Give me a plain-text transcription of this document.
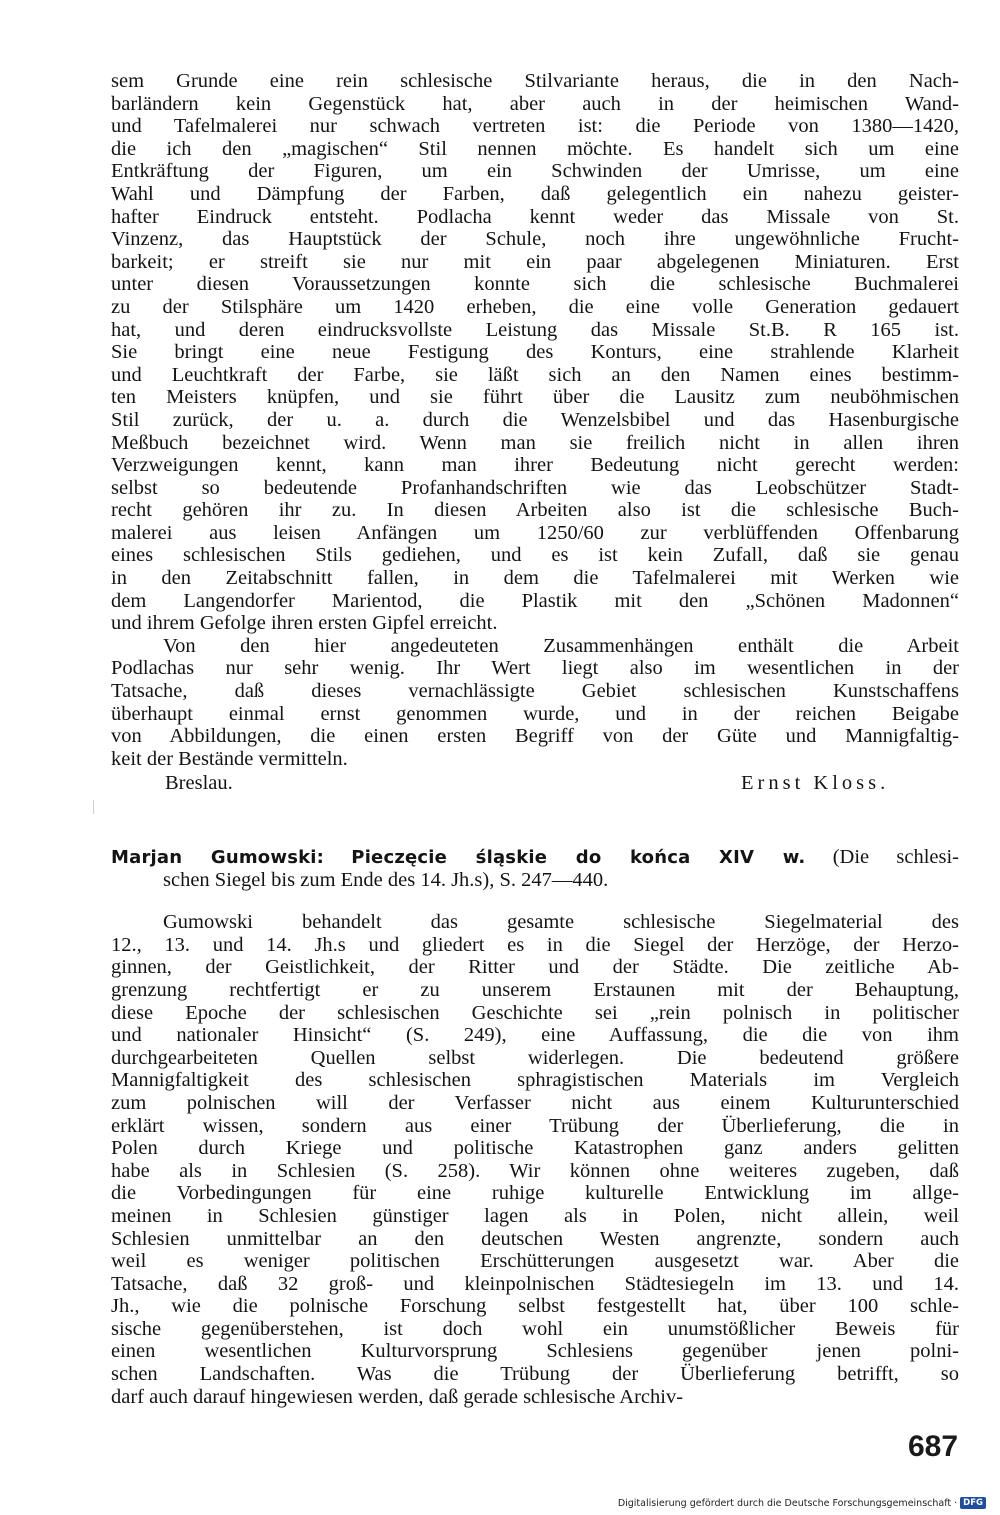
sem Grunde eine rein schlesische Stilvariante heraus, die in den Nach-
barländern kein Gegenstück hat, aber auch in der heimischen Wand-
und Tafelmalerei nur schwach vertreten ist: die Periode von 1380—1420,
die ich den „magischen“ Stil nennen möchte. Es handelt sich um eine
Entkräftung der Figuren, um ein Schwinden der Umrisse, um eine
Wahl und Dämpfung der Farben, daß gelegentlich ein nahezu geister-
hafter Eindruck entsteht. Podlacha kennt weder das Missale von St.
Vinzenz, das Hauptstück der Schule, noch ihre ungewöhnliche Frucht-
barkeit; er streift sie nur mit ein paar abgelegenen Miniaturen. Erst
unter diesen Voraussetzungen konnte sich die schlesische Buchmalerei
zu der Stilsphäre um 1420 erheben, die eine volle Generation gedauert
hat, und deren eindrucksvollste Leistung das Missale St.B. R 165 ist.
Sie bringt eine neue Festigung des Konturs, eine strahlende Klarheit
und Leuchtkraft der Farbe, sie läßt sich an den Namen eines bestimm-
ten Meisters knüpfen, und sie führt über die Lausitz zum neuböhmischen
Stil zurück, der u. a. durch die Wenzelsbibel und das Hasenburgische
Meßbuch bezeichnet wird. Wenn man sie freilich nicht in allen ihren
Verzweigungen kennt, kann man ihrer Bedeutung nicht gerecht werden:
selbst so bedeutende Profanhandschriften wie das Leobschützer Stadt-
recht gehören ihr zu. In diesen Arbeiten also ist die schlesische Buch-
malerei aus leisen Anfängen um 1250/60 zur verblüffenden Offenbarung
eines schlesischen Stils gediehen, und es ist kein Zufall, daß sie genau
in den Zeitabschnitt fallen, in dem die Tafelmalerei mit Werken wie
dem Langendorfer Marientod, die Plastik mit den „Schönen Madonnen“
und ihrem Gefolge ihren ersten Gipfel erreicht.
Von den hier angedeuteten Zusammenhängen enthält die Arbeit
Podlachas nur sehr wenig. Ihr Wert liegt also im wesentlichen in der
Tatsache, daß dieses vernachlässigte Gebiet schlesischen Kunstschaffens
überhaupt einmal ernst genommen wurde, und in der reichen Beigabe
von Abbildungen, die einen ersten Begriff von der Güte und Mannigfaltig-
keit der Bestände vermitteln.
Breslau.	Ernst Kloss.
Marjan Gumowski: Pieczęcie śląskie do końca XIV w. (Die schlesi-
schen Siegel bis zum Ende des 14. Jh.s), S. 247—440.
Gumowski behandelt das gesamte schlesische Siegelmaterial des
12., 13. und 14. Jh.s und gliedert es in die Siegel der Herzöge, der Herzo-
ginnen, der Geistlichkeit, der Ritter und der Städte. Die zeitliche Ab-
grenzung rechtfertigt er zu unserem Erstaunen mit der Behauptung,
diese Epoche der schlesischen Geschichte sei „rein polnisch in politischer
und nationaler Hinsicht“ (S. 249), eine Auffassung, die die von ihm
durchgearbeiteten Quellen selbst widerlegen. Die bedeutend größere
Mannigfaltigkeit des schlesischen sphragistischen Materials im Vergleich
zum polnischen will der Verfasser nicht aus einem Kulturunterschied
erklärt wissen, sondern aus einer Trübung der Überlieferung, die in
Polen durch Kriege und politische Katastrophen ganz anders gelitten
habe als in Schlesien (S. 258). Wir können ohne weiteres zugeben, daß
die Vorbedingungen für eine ruhige kulturelle Entwicklung im allge-
meinen in Schlesien günstiger lagen als in Polen, nicht allein, weil
Schlesien unmittelbar an den deutschen Westen angrenzte, sondern auch
weil es weniger politischen Erschütterungen ausgesetzt war. Aber die
Tatsache, daß 32 groß- und kleinpolnischen Städtesiegeln im 13. und 14.
Jh., wie die polnische Forschung selbst festgestellt hat, über 100 schle-
sische gegenüberstehen, ist doch wohl ein unumstößlicher Beweis für
einen wesentlichen Kulturvorsprung Schlesiens gegenüber jenen polni-
schen Landschaften. Was die Trübung der Überlieferung betrifft, so
darf auch darauf hingewiesen werden, daß gerade schlesische Archiv-
687
Digitalisierung gefördert durch die Deutsche Forschungsgemeinschaft · DFG
